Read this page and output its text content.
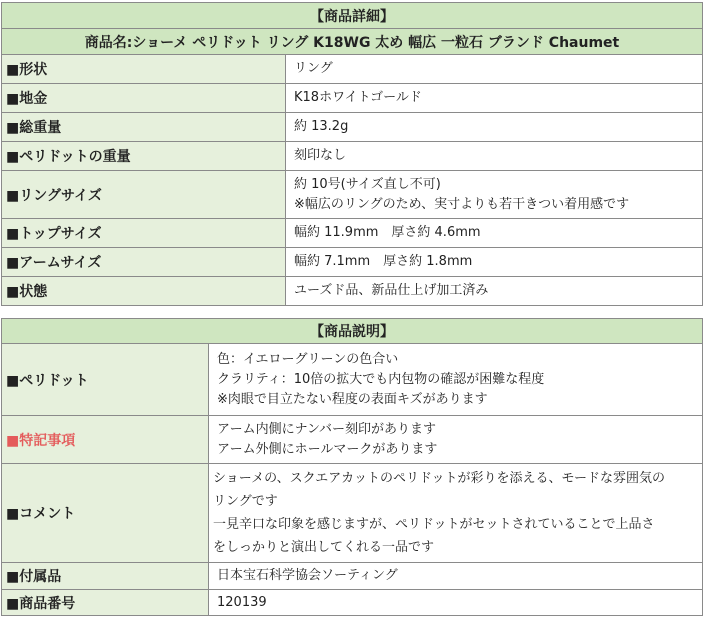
【商品詳細】	
商品名:ショーメ ペリドット リング K18WG 太め 幅広 一粒石 ブランド Chaumet	
■形状	リング

■地金	K18ホワイトゴールド

■総重量	約 13.2g

■ペリドットの重量	刻印なし

■リングサイズ	約 10号(サイズ直し不可)
※幅広のリングのため、実寸よりも若干きつい着用感です

■トップサイズ	幅約 11.9mm　厚さ約 4.6mm

■アームサイズ	幅約 7.1mm　厚さ約 1.8mm

■状態	ユーズド品、新品仕上げ加工済み
【商品説明】	
■ペリドット	色：イエローグリーンの色合い
クラリティ：10倍の拡大でも内包物の確認が困難な程度
※肉眼で目立たない程度の表面キズがあります

■特記事項	アーム内側にナンバー刻印があります
アーム外側にホールマークがあります

■コメント	ショーメの、スクエアカットのペリドットが彩りを添える、モードな雰囲気の
リングです
一見辛口な印象を感じますが、ペリドットがセットされていることで上品さ
をしっかりと演出してくれる一品です

■付属品	日本宝石科学協会ソーティング

■商品番号	120139
